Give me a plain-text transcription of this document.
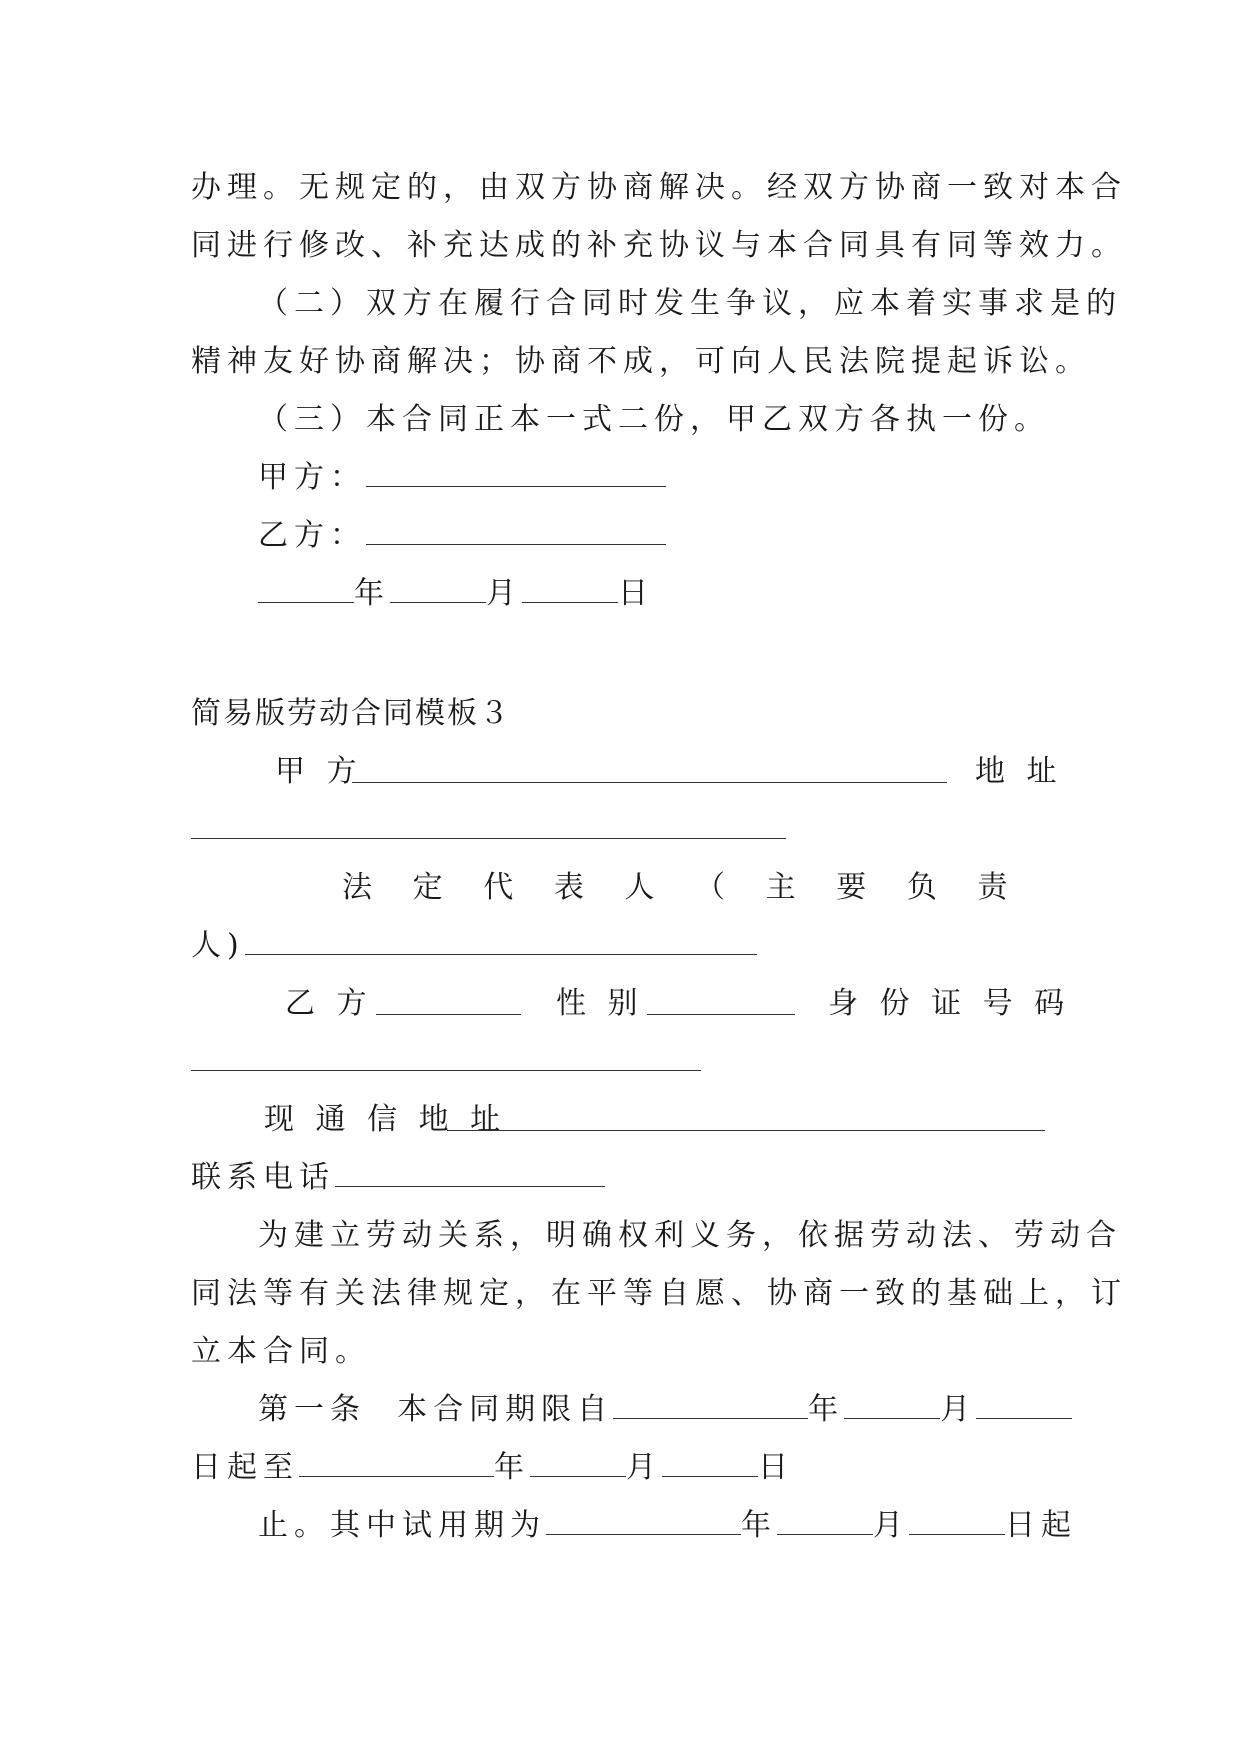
办理。无规定的，由双方协商解决。经双方协商一致对本合
同进行修改、补充达成的补充协议与本合同具有同等效力。
（二）双方在履行合同时发生争议，应本着实事求是的
精神友好协商解决；协商不成，可向人民法院提起诉讼。
（三）本合同正本一式二份，甲乙双方各执一份。
甲方：
乙方：
年	月	日
简易版劳动合同模板３
甲 方	地 址
法   定   代   表   人   （   主   要   负   责
人)
乙 方	性 别	身 份 证 号 码
现 通 信 地 址
联系电话
为建立劳动关系，明确权利义务，依据劳动法、劳动合
同法等有关法律规定，在平等自愿、协商一致的基础上，订
立本合同。
第一条  本合同期限自	年	月
日起至	年	月	日
止。其中试用期为	年	月	日起
